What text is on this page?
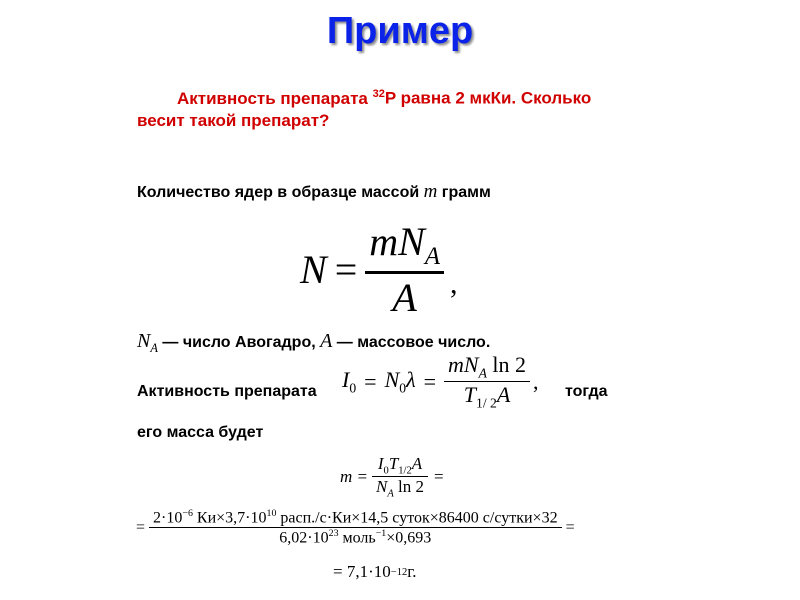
Пример
Активность препарата $^{32}$P равна 2 мкКи. Сколько
весит такой препарат?
Количество ядер в образце массой m грамм
$N = \frac{mN_A}{A}$ ,
$N_A$ — число Авогадро, A — массовое число.
Активность препарата $I_0 = N_0\lambda = \frac{mN_A \ln 2}{T_{1/ 2}A}$ , тогда
его масса будет
$m = \frac{I_0T_{1/2}A}{N_A \ln 2}$ =
= $\frac{2\cdot 10^{-6} Ки\times 3,7\cdot 10^{10} расп./с\cdot Ки\times 14,5 суток\times 86400 с/сутки\times 32}{6,02\cdot 10^{23} моль^{-1}\times 0,693}$ =
= 7,1·10 −12 г.
